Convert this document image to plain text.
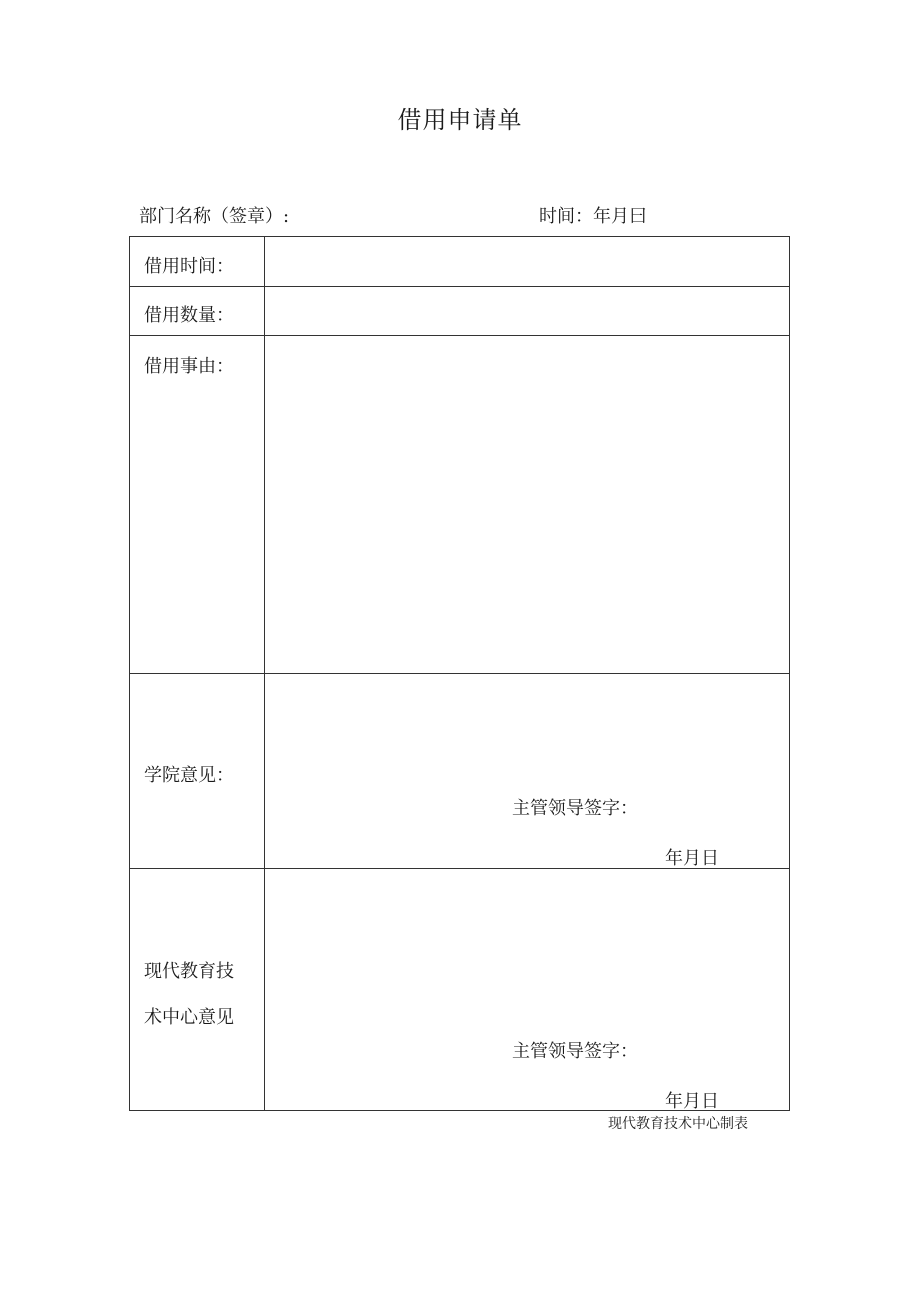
借用申请单
部门名称（签章）:	时间：年月曰
借用时间：
借用数量：
借用事由：
学院意见：
主管领导签字：
年月日
现代教育技
术中心意见
主管领导签字：
年月日
现代教育技术中心制表
